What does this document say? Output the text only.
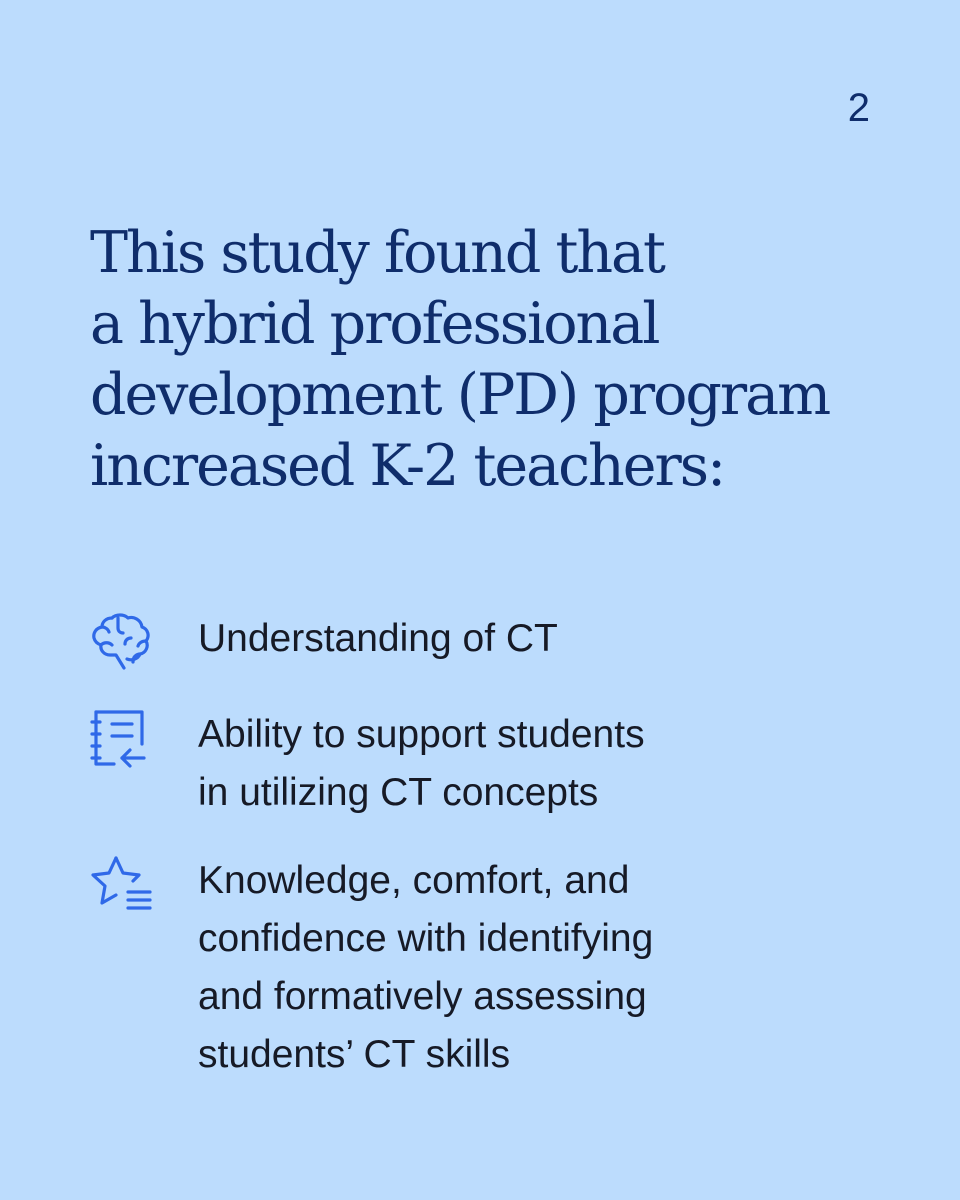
2
This study found that
a hybrid professional
development (PD) program
increased K-2 teachers:
Understanding of CT
Ability to support students
in utilizing CT concepts
Knowledge, comfort, and
confidence with identifying
and formatively assessing
students’ CT skills
